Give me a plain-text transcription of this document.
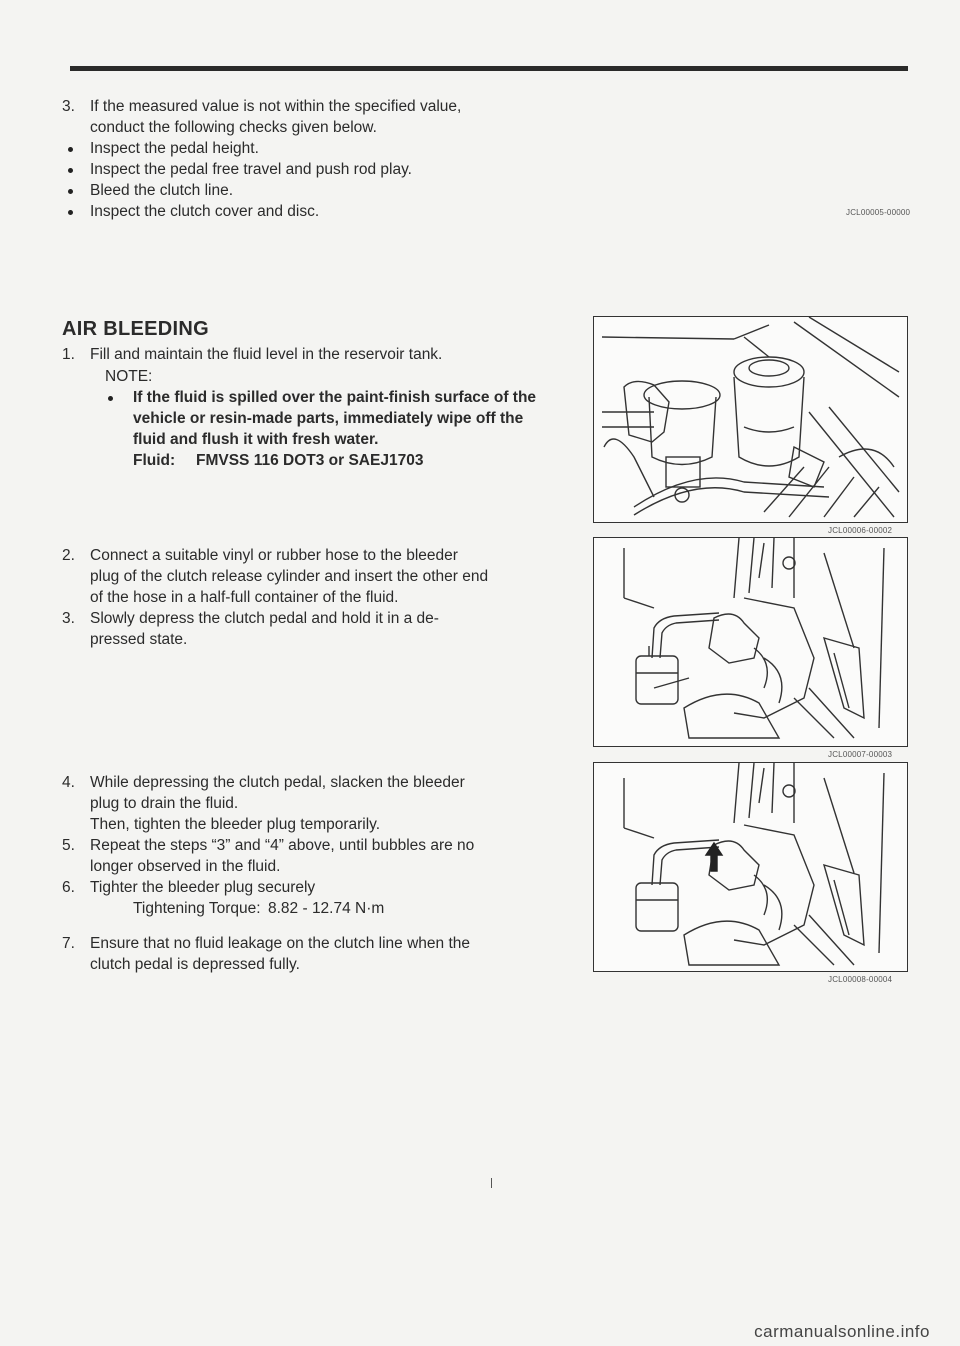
3. If the measured value is not within the specified value,
conduct the following checks given below.
Inspect the pedal height.
Inspect the pedal free travel and push rod play.
Bleed the clutch line.
Inspect the clutch cover and disc.	JCL00005-00000
AIR BLEEDING
1. Fill and maintain the fluid level in the reservoir tank.
NOTE:
If the fluid is spilled over the paint-finish surface of the
vehicle or resin-made parts, immediately wipe off the
fluid and flush it with fresh water.
Fluid: FMVSS 116 DOT3 or SAEJ1703
2. Connect a suitable vinyl or rubber hose to the bleeder
plug of the clutch release cylinder and insert the other end
of the hose in a half-full container of the fluid.
3. Slowly depress the clutch pedal and hold it in a de-
pressed state.
4. While depressing the clutch pedal, slacken the bleeder
plug to drain the fluid.
Then, tighten the bleeder plug temporarily.
5. Repeat the steps “3” and “4” above, until bubbles are no
longer observed in the fluid.
6. Tighter the bleeder plug securely
Tightening Torque: 8.82 - 12.74 N·m
7. Ensure that no fluid leakage on the clutch line when the
clutch pedal is depressed fully.
JCL00006-00002
JCL00007-00003
JCL00008-00004
carmanualsonline.info
